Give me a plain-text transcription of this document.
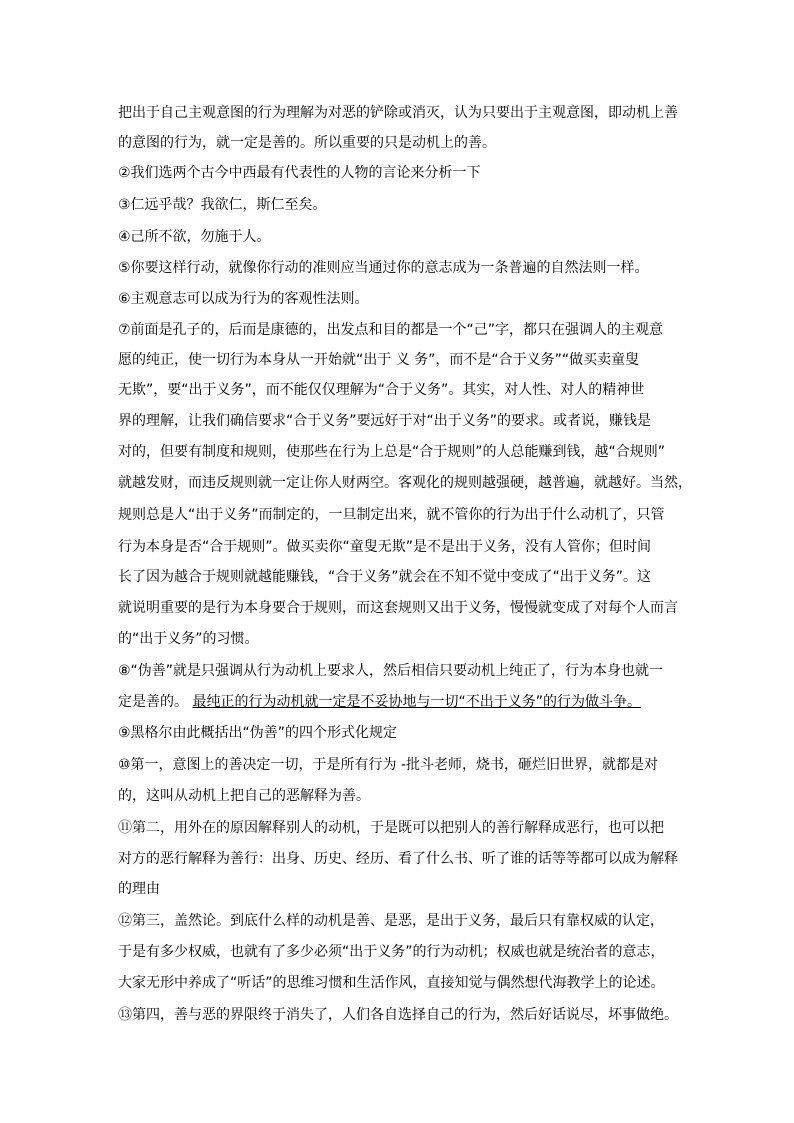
把出于自己主观意图的行为理解为对恶的铲除或消灭，认为只要出于主观意图，即动机上善
的意图的行为，就一定是善的。所以重要的只是动机上的善。
②我们选两个古今中西最有代表性的人物的言论来分析一下
③仁远乎哉？我欲仁，斯仁至矣。
④己所不欲，勿施于人。
⑤你要这样行动，就像你行动的准则应当通过你的意志成为一条普遍的自然法则一样。
⑥主观意志可以成为行为的客观性法则。
⑦前面是孔子的，后而是康德的，出发点和目的都是一个“己”字，都只在强调人的主观意
愿的纯正，使一切行为本身从一开始就“出于 义 务”，而不是“合于义务”“做买卖童叟
无欺”，要“出于义务”，而不能仅仅理解为“合于义务”。其实，对人性、对人的精神世
界的理解，让我们确信要求“合于义务”要远好于对“出于义务”的要求。或者说，赚钱是
对的，但要有制度和规则，使那些在行为上总是“合于规则”的人总能赚到钱，越“合规则”
就越发财，而违反规则就一定让你人财两空。客观化的规则越强硬，越普遍，就越好。当然，
规则总是人“出于义务”而制定的，一旦制定出来，就不管你的行为出于什么动机了，只管
行为本身是否“合于规则”。做买卖你“童叟无欺”是不是出于义务，没有人管你；但时间
长了因为越合于规则就越能赚钱，“合于义务”就会在不知不觉中变成了“出于义务”。这
就说明重要的是行为本身要合于规则，而这套规则又出于义务，慢慢就变成了对每个人而言
的“出于义务”的习惯。
⑧“伪善”就是只强调从行为动机上要求人，然后相信只要动机上纯正了，行为本身也就一
定是善的。 最纯正的行为动机就一定是不妥协地与一切“不出于义务”的行为做斗争。
⑨黑格尔由此概括出“伪善”的四个形式化规定
⑩第一，意图上的善决定一切，于是所有行为 -批斗老师，烧书，砸烂旧世界，就都是对
的，这叫从动机上把自己的恶解释为善。
⑪第二，用外在的原因解释别人的动机，于是既可以把别人的善行解释成恶行，也可以把
对方的恶行解释为善行：出身、历史、经历、看了什么书、听了谁的话等等都可以成为解释
的理由
⑫第三，盖然论。到底什么样的动机是善、是恶，是出于义务，最后只有靠权威的认定，
于是有多少权威，也就有了多少必须“出于义务”的行为动机；权威也就是统治者的意志，
大家无形中养成了“听话”的思维习惯和生活作风，直接知觉与偶然想代海教学上的论述。
⑬第四，善与恶的界限终于消失了，人们各自选择自己的行为，然后好话说尽，坏事做绝。
